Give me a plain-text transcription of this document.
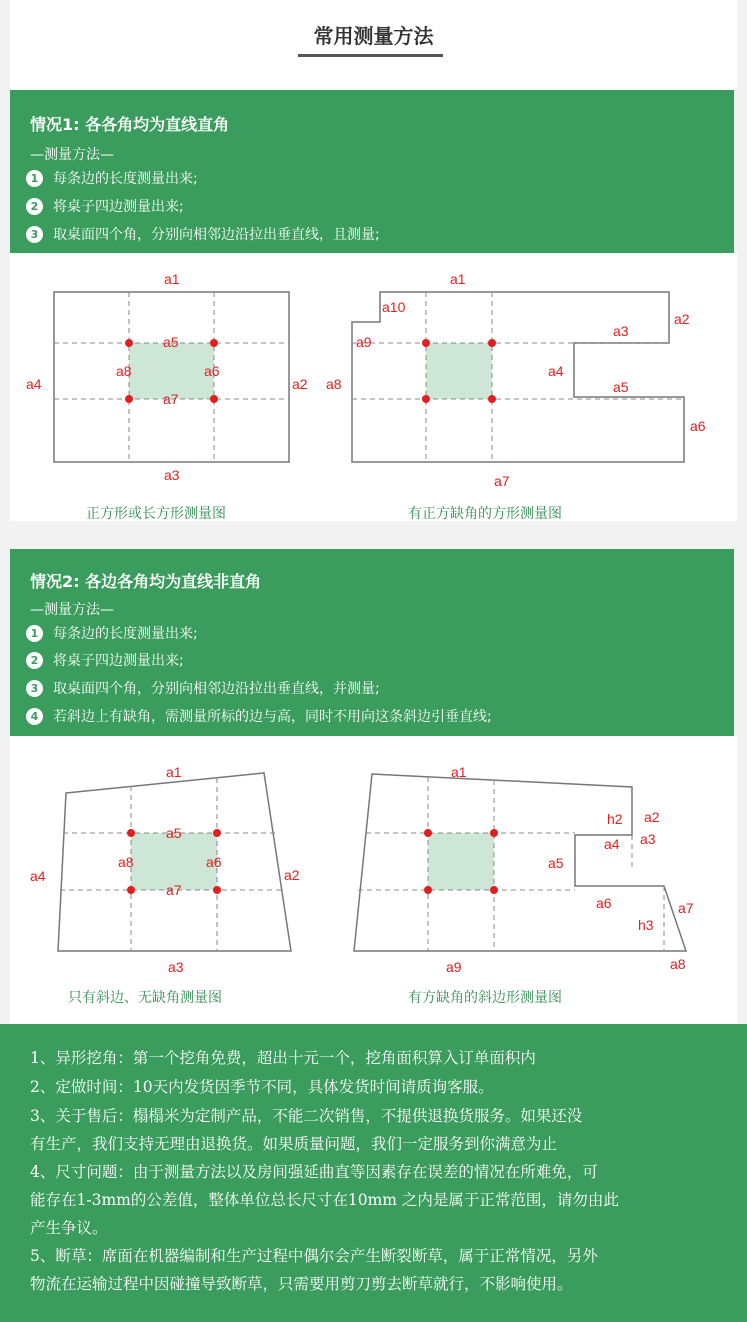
常用测量方法
情况1: 各各角均为直线直角
—测量方法—
1	每条边的长度测量出来;
2	将桌子四边测量出来;
3	取桌面四个角，分别向相邻边沿拉出垂直线，且测量;
a1
a2
a3
a4
a5
a6
a7
a8
a1
a2
a3
a4
a5
a6
a7
a8
a9
a10
正方形或长方形测量图	有正方缺角的方形测量图
情况2: 各边各角均为直线非直角
—测量方法—
1	每条边的长度测量出来;
2	将桌子四边测量出来;
3	取桌面四个角，分别向相邻边沿拉出垂直线，并测量;
4	若斜边上有缺角，需测量所标的边与高，同时不用向这条斜边引垂直线;
a1
a2
a3
a4
a5
a6
a7
a8
a1
a2
a3
a4
a5
a6	a7
a8
a9
h2
h3
只有斜边、无缺角测量图	有方缺角的斜边形测量图
1、异形挖角：第一个挖角免费，超出十元一个，挖角面积算入订单面积内
2、定做时间：10天内发货因季节不同，具体发货时间请质询客服。
3、关于售后：榻榻米为定制产品，不能二次销售，不提供退换货服务。如果还没
有生产，我们支持无理由退换货。如果质量问题，我们一定服务到你满意为止
4、尺寸问题：由于测量方法以及房间强延曲直等因素存在误差的情况在所难免，可
能存在1-3mm的公差值，整体单位总长尺寸在10mm 之内是属于正常范围，请勿由此
产生争议。
5、断草：席面在机器编制和生产过程中偶尔会产生断裂断草，属于正常情况，另外
物流在运输过程中因碰撞导致断草，只需要用剪刀剪去断草就行，不影响使用。
